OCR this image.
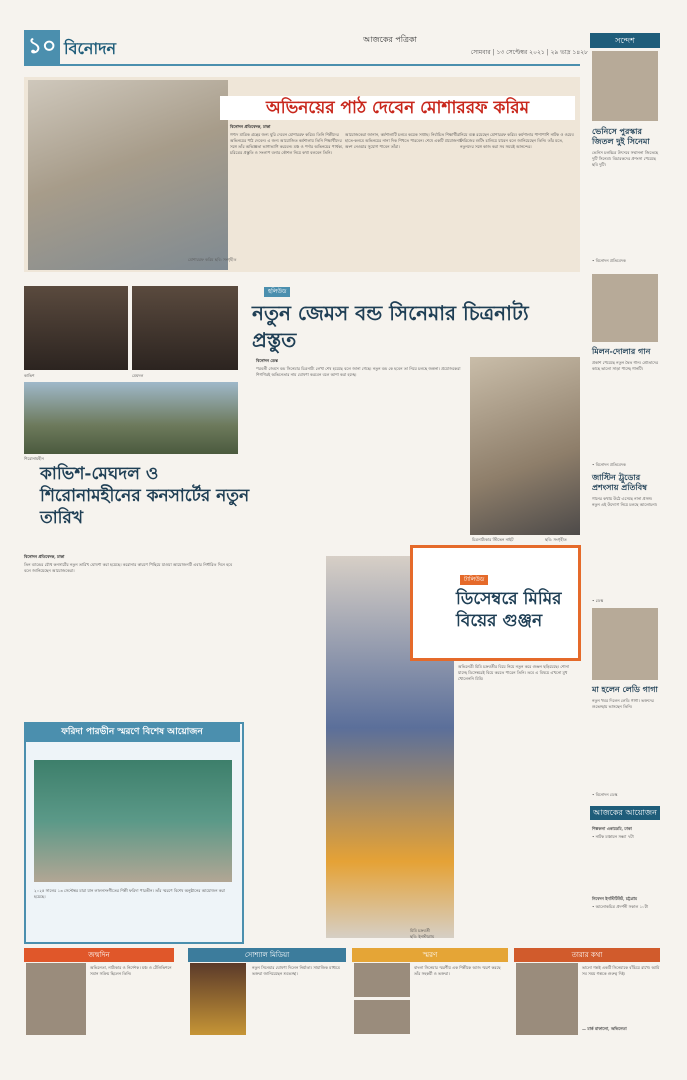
১০ বিনোদন	আজকের পত্রিকা
সোমবার | ১৩ সেপ্টেম্বর ২০২১ | ২৯ ভাদ্র ১৪২৮
অভিনয়ের পাঠ দেবেন মোশাররফ করিম
বিনোদন প্রতিবেদক, ঢাকা
গণ্যদ মাত্রিক গ্রন্থের জন্য ঘুরি দেবেন মোশাররফ করিম। তিনি শিল্পীদের অভিনয়ের পাঠ দেবেন। এ জন্য আয়োজিত কর্মশালায় তিনি শিক্ষার্থীদের সঙ্গে তাঁর অভিজ্ঞতা ভাগাভাগি করবেন। মঞ্চ ও পর্দার অভিনয়ের পার্থক্য, চরিত্রের প্রস্তুতি ও সংলাপ বলার কৌশল নিয়ে কথা বলবেন তিনি।
আয়োজকেরা জানান, কর্মশালাটি চলবে কয়েক সপ্তাহ। নির্বাচিত শিক্ষার্থীরা হাতে-কলমে অভিনয়ের নানা দিক শিখতে পারবেন। শেষে একটি প্রযোজনায় অংশ নেওয়ার সুযোগ পাবেন তাঁরা।
নিয়ে ব্যস্ত রয়েছেন মোশাররফ করিম। কর্মশালার পাশাপাশি নাটক ও ওয়েব সিরিজের শুটিং চালিয়ে যাবেন বলে জানিয়েছেন তিনি। তাঁর মতে, নতুনদের সঙ্গে কাজ করা সব সময়ই আনন্দের।
মোশাররফ করিম ছবি: সংগৃহীত
সন্দেশ
ভেনিসে পুরস্কার জিতল দুই সিনেমা
ভেনিস চলচ্চিত্র উৎসবে সম্মাননা জিতেছে দুটি সিনেমা। বিচারকদের প্রশংসা পেয়েছে ছবি দুটি।
• বিনোদন প্রতিবেদক
মিলন-দোলার গান
প্রকাশ পেয়েছে নতুন দ্বৈত গান। শ্রোতাদের কাছে ভালো সাড়া পাচ্ছে গানটি।
• বিনোদন প্রতিবেদক
জাস্টিন ট্রুডোর প্রশংসায় প্রতিবিম্ব
গানের কথায় উঠে এসেছে নানা প্রসঙ্গ। নতুন এই উদ্যোগ নিয়ে চলছে আলোচনা।
• ডেস্ক
মা হলেন লেডি গাগা
নতুন খবর দিলেন লেডি গাগা। ভক্তদের শুভেচ্ছায় ভাসছেন তিনি।
• বিনোদন ডেস্ক
আজকের আয়োজন
শিল্পকলা একাডেমি, ঢাকা
• নাটক মঞ্চায়ন সন্ধ্যা ৭টা
নিবেদন ইনস্টিটিউট, চট্টগ্রাম
• আলোকচিত্র প্রদর্শনী সকাল ১০টা
কাভিশ	মেঘদল
শিরোনামহীন
কাভিশ-মেঘদল ও শিরোনামহীনের কনসার্টের নতুন তারিখ
বিনোদন প্রতিবেদক, ঢাকা
তিন ব্যান্ডের যৌথ কনসার্টের নতুন তারিখ ঘোষণা করা হয়েছে। করোনার কারণে পিছিয়ে যাওয়া আয়োজনটি এবার নির্ধারিত দিনে হবে বলে জানিয়েছেন আয়োজকেরা।
হলিউড
নতুন জেমস বন্ড সিনেমার চিত্রনাট্য প্রস্তুত
বিনোদন ডেস্ক
পরবর্তী জেমস বন্ড সিনেমার চিত্রনাট্য লেখা শেষ হয়েছে বলে জানা গেছে। নতুন বন্ড কে হবেন তা নিয়ে চলছে জল্পনা। প্রযোজকেরা শিগগিরই অভিনেতার নাম ঘোষণা করবেন বলে আশা করা হচ্ছে।
চিত্রনাট্যকার স্টিভেন নাইট	ছবি: সংগৃহীত
টালিউড
ডিসেম্বরে মিমির বিয়ের গুঞ্জন
অভিনেত্রী মিমি চক্রবর্তীর বিয়ে নিয়ে নতুন করে গুঞ্জন ছড়িয়েছে। শোনা যাচ্ছে ডিসেম্বরেই বিয়ে করতে পারেন তিনি। তবে এ বিষয়ে এখনো মুখ খোলেননি মিমি।
মিমি চক্রবর্তী
ছবি: ইনস্টাগ্রাম
ফরিদা পারভীন স্মরণে বিশেষ আয়োজন
২০২৫ সালের ১৩ সেপ্টেম্বর মারা যান লালনসংগীতের শিল্পী ফরিদা পারভীন। তাঁর স্মরণে বিশেষ অনুষ্ঠানের আয়োজন করা হয়েছে।
জন্মদিন
অভিনেতা, নাট্যকার ও নির্দেশক। মঞ্চ ও টেলিভিশনে সমান সক্রিয় ছিলেন তিনি।
সোশ্যাল মিডিয়া
নতুন সিনেমার ঘোষণা দিলেন নির্মাতা। সামাজিক মাধ্যমে ভক্তরা জানিয়েছেন শুভেচ্ছা।
স্মরণ
বাংলা সিনেমার স্মরণীয় এক শিল্পীকে আজ স্মরণ করছে তাঁর সহকর্মী ও ভক্তরা।
তারার কথা
ভালো গল্পই একটি সিনেমাকে বাঁচিয়ে রাখে। আমি সব সময় গল্পকে গুরুত্ব দিই।
— মার্ক রাফালো, অভিনেতা
